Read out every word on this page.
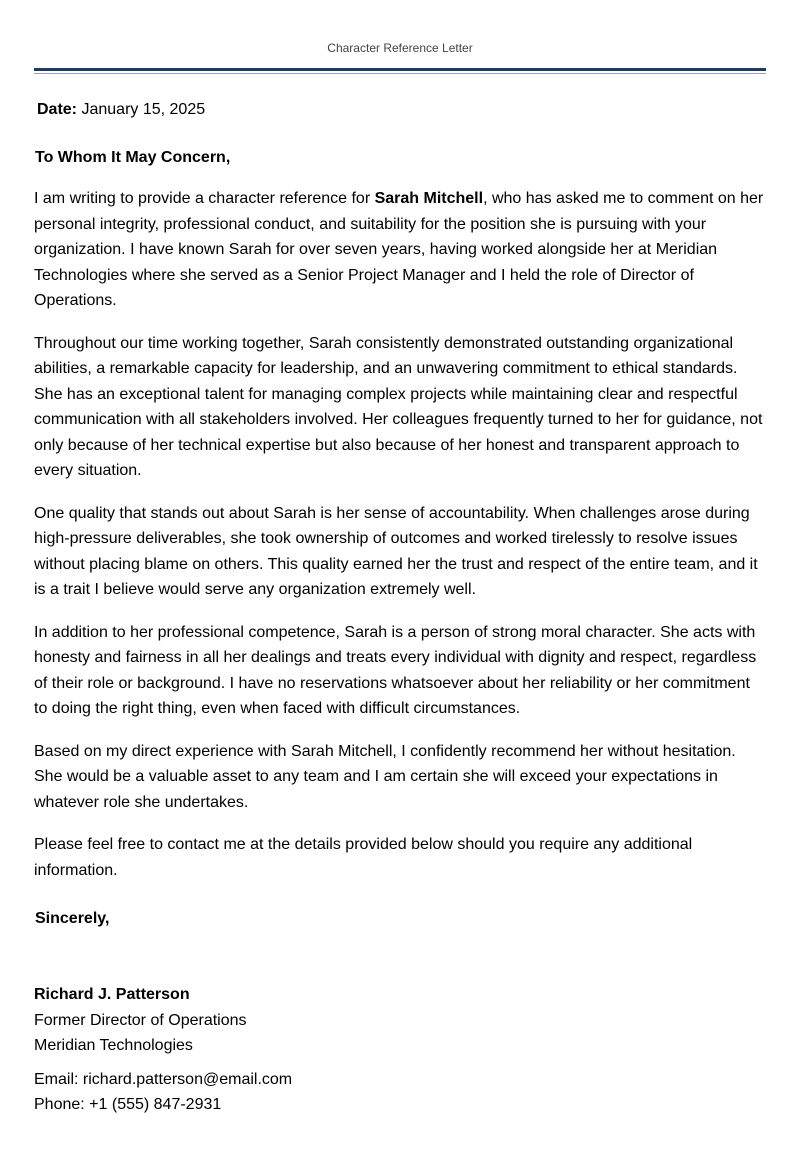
Character Reference Letter
Date: January 15, 2025
To Whom It May Concern,

I am writing to provide a character reference for Sarah Mitchell, who has asked me to comment on her personal integrity, professional conduct, and suitability for the position she is pursuing with your organization. I have known Sarah for over seven years, having worked alongside her at Meridian Technologies where she served as a Senior Project Manager and I held the role of Director of Operations.

Throughout our time working together, Sarah consistently demonstrated outstanding organizational abilities, a remarkable capacity for leadership, and an unwavering commitment to ethical standards. She has an exceptional talent for managing complex projects while maintaining clear and respectful communication with all stakeholders involved. Her colleagues frequently turned to her for guidance, not only because of her technical expertise but also because of her honest and transparent approach to every situation.

One quality that stands out about Sarah is her sense of accountability. When challenges arose during high-pressure deliverables, she took ownership of outcomes and worked tirelessly to resolve issues without placing blame on others. This quality earned her the trust and respect of the entire team, and it is a trait I believe would serve any organization extremely well.

In addition to her professional competence, Sarah is a person of strong moral character. She acts with honesty and fairness in all her dealings and treats every individual with dignity and respect, regardless of their role or background. I have no reservations whatsoever about her reliability or her commitment to doing the right thing, even when faced with difficult circumstances.

Based on my direct experience with Sarah Mitchell, I confidently recommend her without hesitation. She would be a valuable asset to any team and I am certain she will exceed your expectations in whatever role she undertakes.

Please feel free to contact me at the details provided below should you require any additional information.

Sincerely,
Richard J. Patterson
Former Director of Operations
Meridian Technologies
Email: richard.patterson@email.com
Phone: +1 (555) 847-2931
